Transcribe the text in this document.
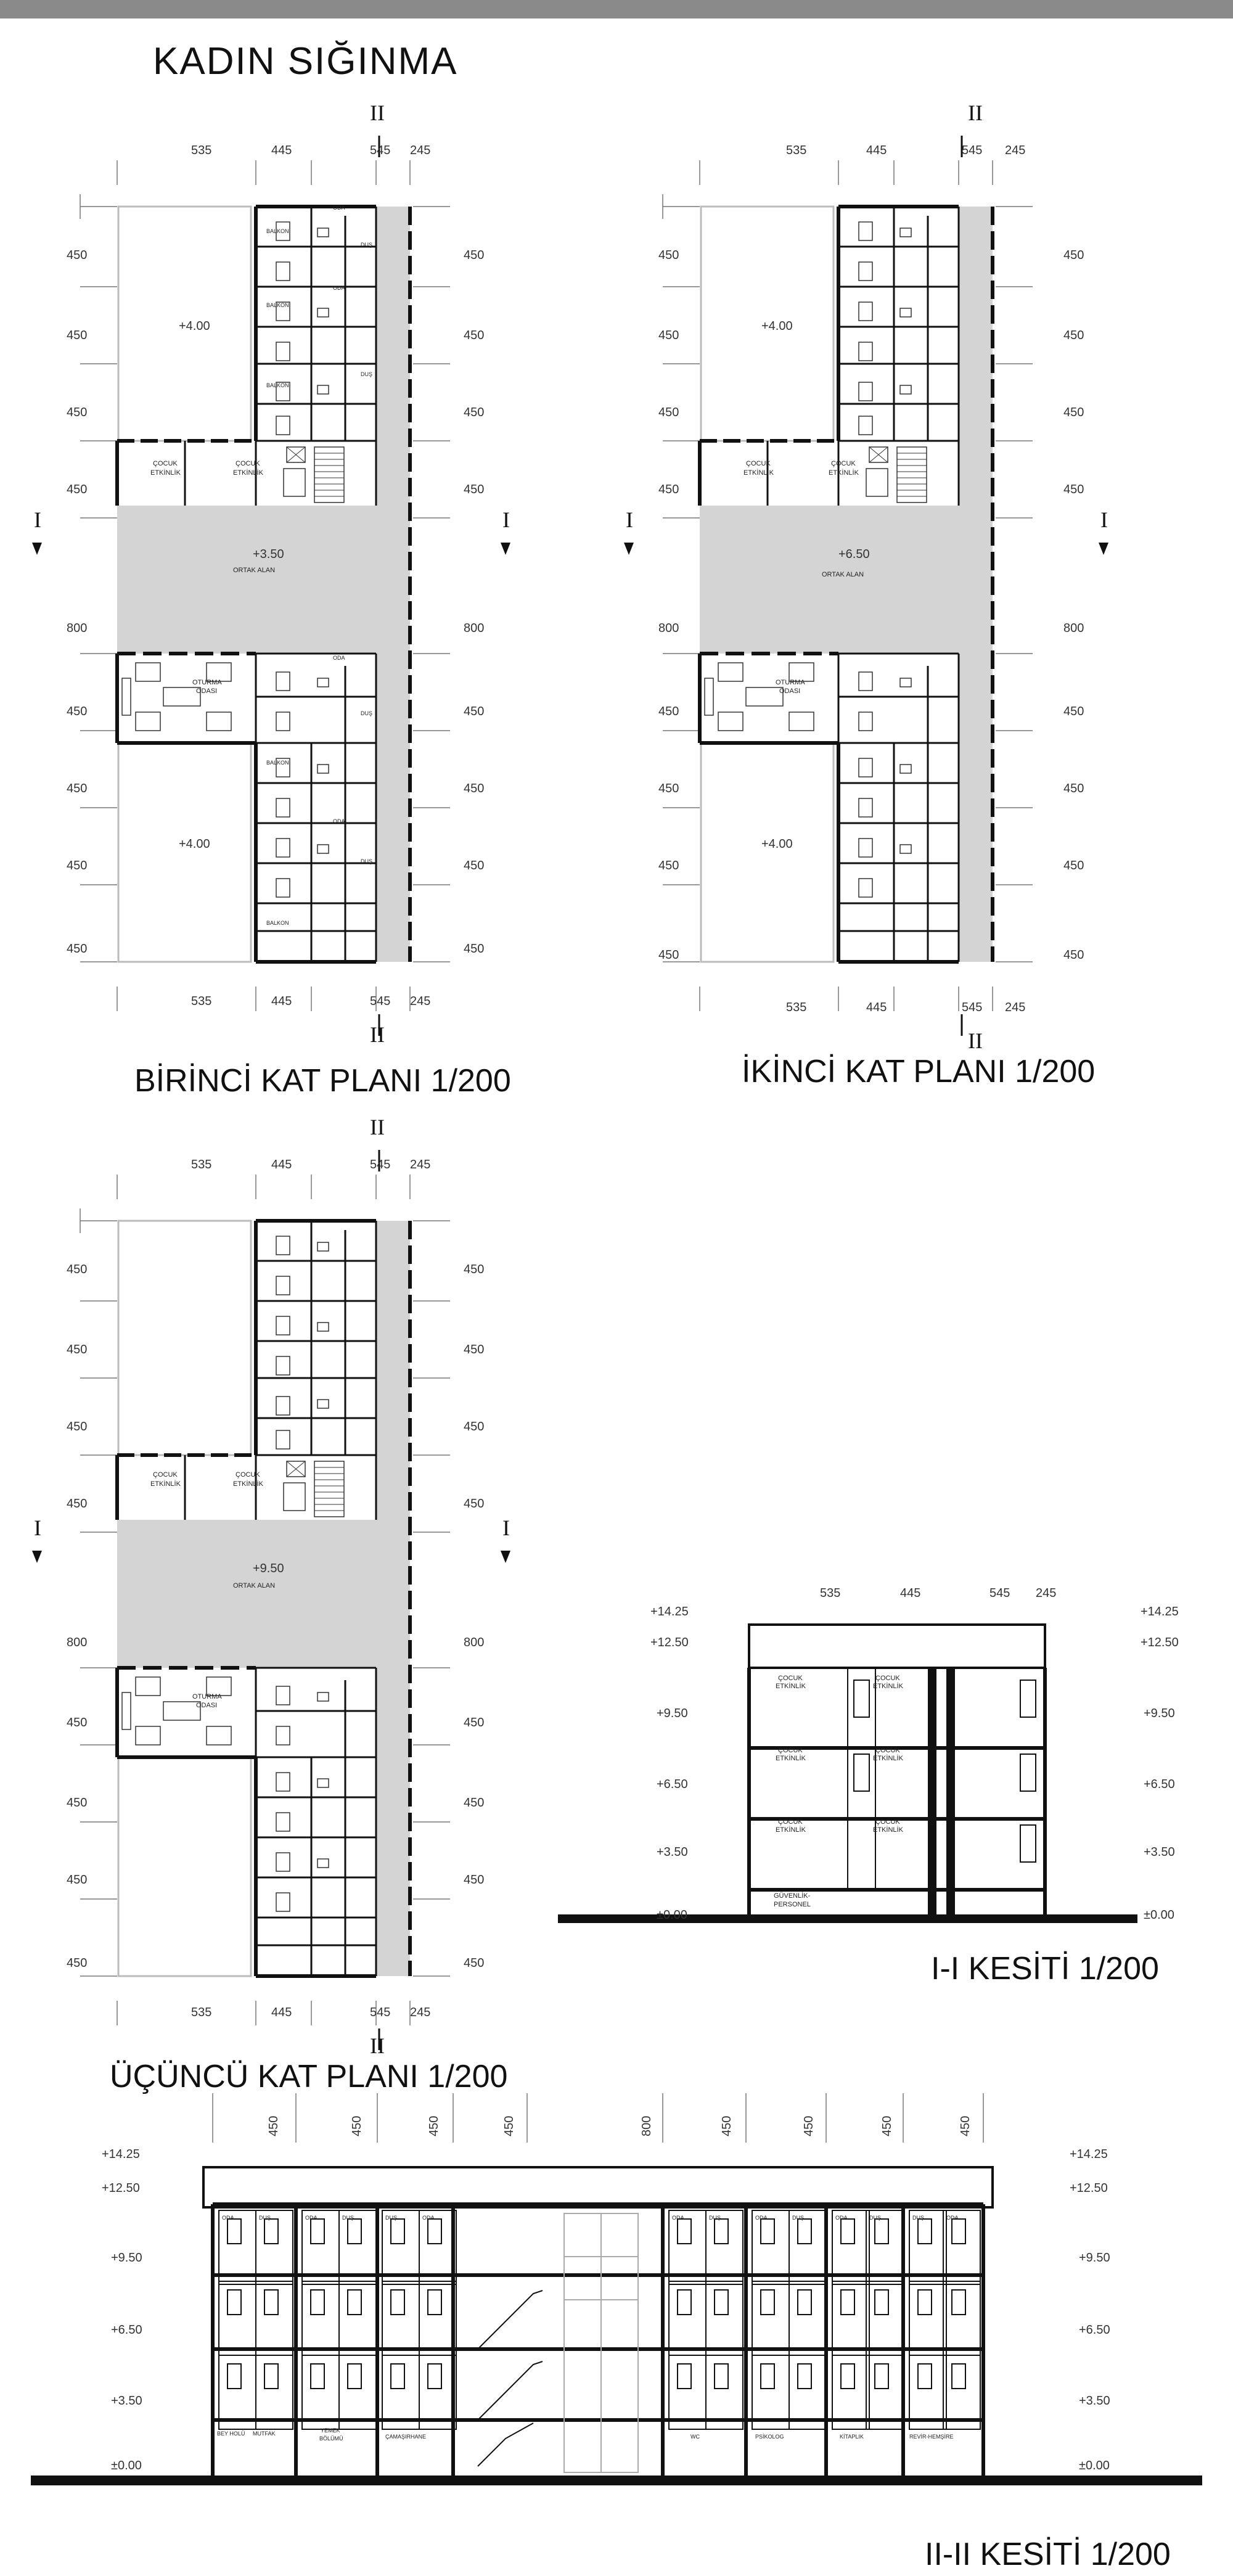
KADIN SIĞINMA
BİRİNCİ KAT PLANI 1/200
+3.50
+4.00
+4.00
ORTAK ALAN
ÇOCUK
ETKİNLİK
ÇOCUK
ETKİNLİK
OTURMA
ODASI
BALKON
BALKON
BALKON
BALKON
BALKON
ODA
ODA
ODA
ODA
DUŞ
DUŞ
DUŞ
DUŞ
535	445	545 245
535	445	545 245
450
450
450
450
800
450
450
450
450
450
450
450
450
800
450
450
450
450
I	I
II
II
İKİNCİ KAT PLANI 1/200
+6.50
+4.00
+4.00
ORTAK ALAN
ÇOCUK
ETKİNLİK
ÇOCUK
ETKİNLİK
OTURMA
ODASI
535	445	545 245
535	445	545 245
450
450
450
450
800
450
450
450
450
450
450
450
450
800
450
450
450
450
I	I
II
II
ÜÇÜNCÜ KAT PLANI 1/200
+9.50
ORTAK ALAN
ÇOCUK
ETKİNLİK
ÇOCUK
ETKİNLİK
OTURMA
ODASI
535	445	545 245
535	445	545 245
450
450
450
450
800
450
450
450
450
450
450
450
450
800
450
450
450
450
I	I
II
II
I-I KESİTİ 1/200
535	445	545 245
+14.25
+12.50
+9.50
+6.50
+3.50
±0.00
+14.25
+12.50
+9.50
+6.50
+3.50
±0.00
ÇOCUK
ETKİNLİK
ÇOCUK
ETKİNLİK
ÇOCUK
ETKİNLİK
ÇOCUK
ETKİNLİK
ÇOCUK
ETKİNLİK
ÇOCUK
ETKİNLİK
GÜVENLİK-
PERSONEL
II-II KESİTİ 1/200
450	450	450	450	800	450	450	450	450
+14.25
+12.50
+9.50
+6.50
+3.50
±0.00
+14.25
+12.50
+9.50
+6.50
+3.50
±0.00
BEY HOLÜ MUTFAK	YEMEK
BÖLÜMÜ	ÇAMAŞIRHANE	WC	PSİKOLOG	KİTAPLIK	REVİR-HEMŞİRE
ODA	DUŞ	ODA	DUŞ	DUŞ	ODA	ODA	DUŞ	ODA	DUŞ	ODA	DUŞ	DUŞ	ODA
